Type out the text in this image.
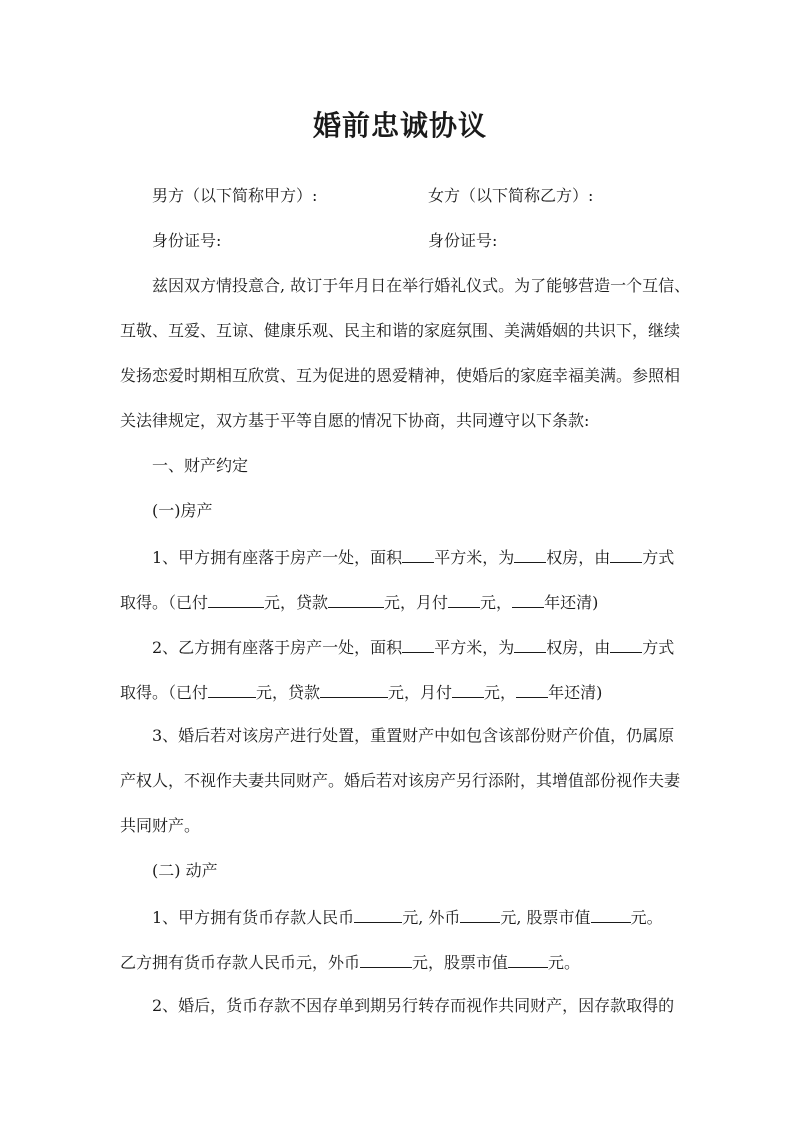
婚前忠诚协议

男方（以下简称甲方）:	女方（以下简称乙方）:

身份证号:	身份证号:

兹因双方情投意合, 故订于年月日在举行婚礼仪式。为了能够营造一个互信、

互敬、互爱、互谅、健康乐观、民主和谐的家庭氛围、美满婚姻的共识下，继续

发扬恋爱时期相互欣赏、互为促进的恩爱精神，使婚后的家庭幸福美满。参照相

关法律规定，双方基于平等自愿的情况下协商，共同遵守以下条款:

一、财产约定

(一)房产

1、甲方拥有座落于房产一处，面积 平方米，为 权房，由 方式

取得。（已付	元，贷款	元，月付 元， 年还清)

2、乙方拥有座落于房产一处，面积 平方米，为 权房，由 方式

取得。（已付	元，贷款	元，月付 元， 年还清)

3、婚后若对该房产进行处置，重置财产中如包含该部份财产价值，仍属原

产权人，不视作夫妻共同财产。婚后若对该房产另行添附，其增值部份视作夫妻

共同财产。

(二) 动产

1、甲方拥有货币存款人民币	元, 外币	元, 股票市值	元。

乙方拥有货币存款人民币元，外币	元，股票市值	元。

2、婚后，货币存款不因存单到期另行转存而视作共同财产，因存款取得的
